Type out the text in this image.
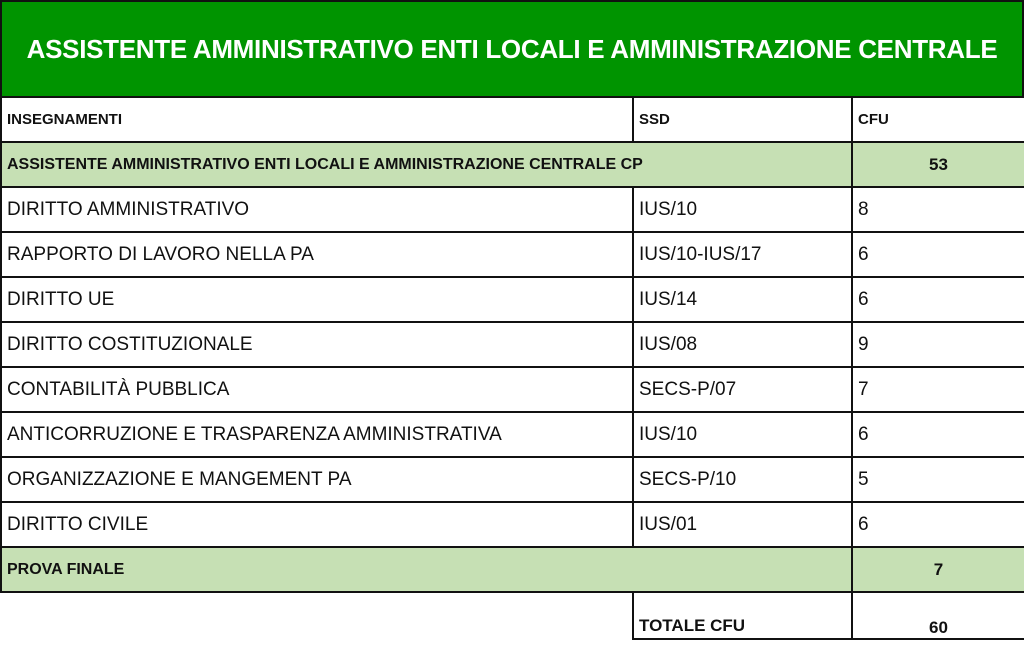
ASSISTENTE AMMINISTRATIVO ENTI LOCALI E AMMINISTRAZIONE CENTRALE
INSEGNAMENTI	SSD	CFU
ASSISTENTE AMMINISTRATIVO ENTI LOCALI E AMMINISTRAZIONE CENTRALE CP		53
DIRITTO AMMINISTRATIVO	IUS/10	8
RAPPORTO DI LAVORO NELLA PA	IUS/10-IUS/17	6
DIRITTO UE	IUS/14	6
DIRITTO COSTITUZIONALE	IUS/08	9
CONTABILITÀ PUBBLICA	SECS-P/07	7
ANTICORRUZIONE E TRASPARENZA AMMINISTRATIVA	IUS/10	6
ORGANIZZAZIONE E MANGEMENT PA	SECS-P/10	5
DIRITTO CIVILE	IUS/01	6
PROVA FINALE		7
	TOTALE CFU	60
